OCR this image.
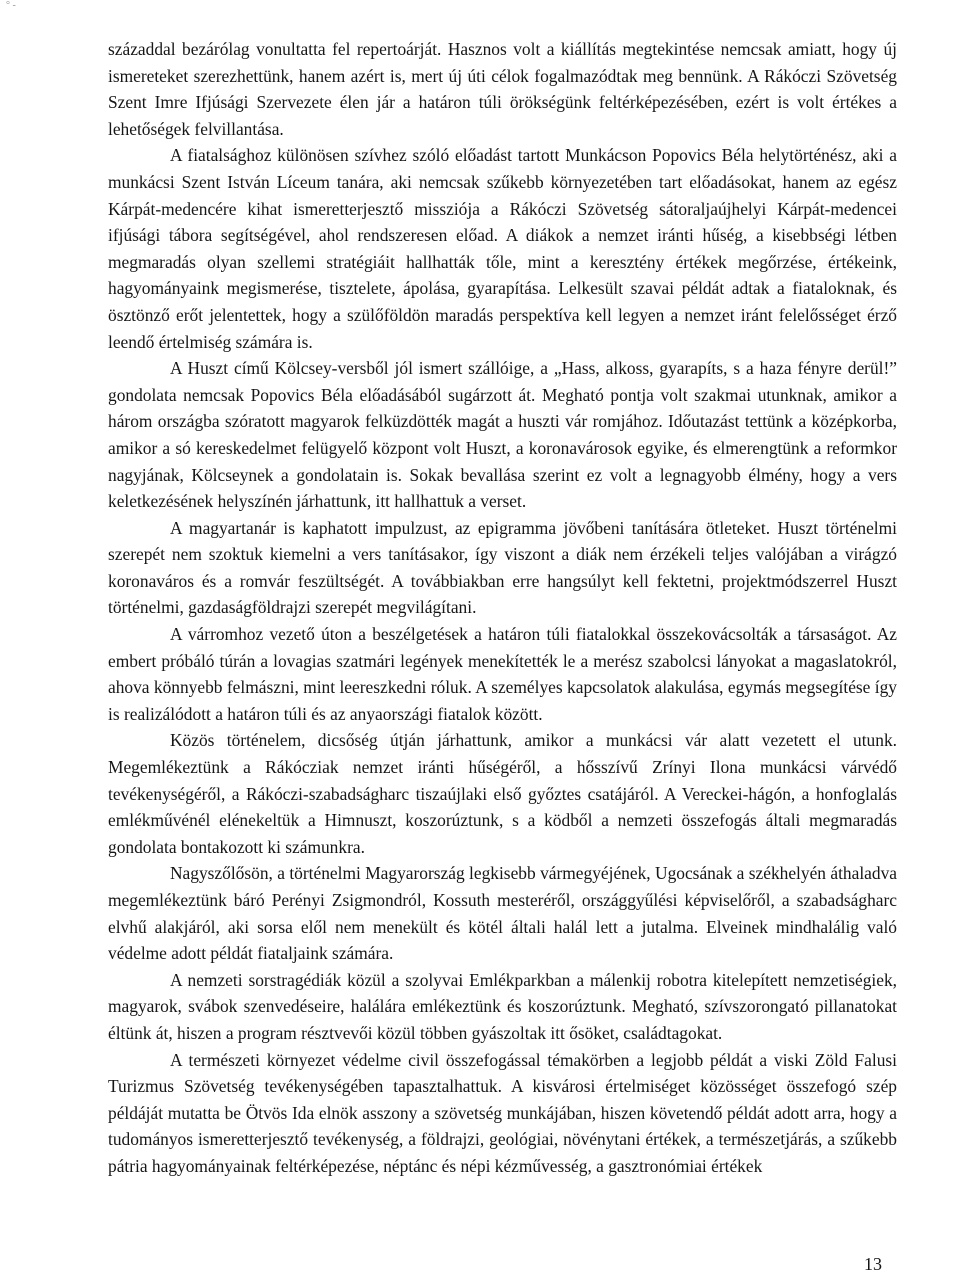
° -

századdal bezárólag vonultatta fel repertoárját. Hasznos volt a kiállítás megtekintése nemcsak amiatt, hogy új ismereteket szerezhettünk, hanem azért is, mert új úti célok fogalmazódtak meg bennünk. A Rákóczi Szövetség Szent Imre Ifjúsági Szervezete élen jár a határon túli örökségünk feltérképezésében, ezért is volt értékes a lehetőségek felvillantása.

A fiatalsághoz különösen szívhez szóló előadást tartott Munkácson Popovics Béla helytörténész, aki a munkácsi Szent István Líceum tanára, aki nemcsak szűkebb környezetében tart előadásokat, hanem az egész Kárpát-medencére kihat ismeretterjesztő missziója a Rákóczi Szövetség sátoraljaújhelyi Kárpát-medencei ifjúsági tábora segítségével, ahol rendszeresen előad. A diákok a nemzet iránti hűség, a kisebbségi létben megmaradás olyan szellemi stratégiáit hallhatták tőle, mint a keresztény értékek megőrzése, értékeink, hagyományaink megismerése, tisztelete, ápolása, gyarapítása. Lelkesült szavai példát adtak a fiataloknak, és ösztönző erőt jelentettek, hogy a szülőföldön maradás perspektíva kell legyen a nemzet iránt felelősséget érző leendő értelmiség számára is.

A Huszt című Kölcsey-versből jól ismert szállóige, a „Hass, alkoss, gyarapíts, s a haza fényre derül!” gondolata nemcsak Popovics Béla előadásából sugárzott át. Megható pontja volt szakmai utunknak, amikor a három országba szóratott magyarok felküzdötték magát a huszti vár romjához. Időutazást tettünk a középkorba, amikor a só kereskedelmet felügyelő központ volt Huszt, a koronavárosok egyike, és elmerengtünk a reformkor nagyjának, Kölcseynek a gondolatain is. Sokak bevallása szerint ez volt a legnagyobb élmény, hogy a vers keletkezésének helyszínén járhattunk, itt hallhattuk a verset.

A magyartanár is kaphatott impulzust, az epigramma jövőbeni tanítására ötleteket. Huszt történelmi szerepét nem szoktuk kiemelni a vers tanításakor, így viszont a diák nem érzékeli teljes valójában a virágzó koronaváros és a romvár feszültségét. A továbbiakban erre hangsúlyt kell fektetni, projektmódszerrel Huszt történelmi, gazdaságföldrajzi szerepét megvilágítani.

A várromhoz vezető úton a beszélgetések a határon túli fiatalokkal összekovácsolták a társaságot. Az embert próbáló túrán a lovagias szatmári legények menekítették le a merész szabolcsi lányokat a magaslatokról, ahova könnyebb felmászni, mint leereszkedni róluk. A személyes kapcsolatok alakulása, egymás megsegítése így is realizálódott a határon túli és az anyaországi fiatalok között.

Közös történelem, dicsőség útján járhattunk, amikor a munkácsi vár alatt vezetett el utunk. Megemlékeztünk a Rákócziak nemzet iránti hűségéről, a hősszívű Zrínyi Ilona munkácsi várvédő tevékenységéről, a Rákóczi-szabadságharc tiszaújlaki első győztes csatájáról. A Vereckei-hágón, a honfoglalás emlékművénél elénekeltük a Himnuszt, koszorúztunk, s a ködből a nemzeti összefogás általi megmaradás gondolata bontakozott ki számunkra.

Nagyszőlősön, a történelmi Magyarország legkisebb vármegyéjének, Ugocsának a székhelyén áthaladva megemlékeztünk báró Perényi Zsigmondról, Kossuth mesteréről, országgyűlési képviselőről, a szabadságharc elvhű alakjáról, aki sorsa elől nem menekült és kötél általi halál lett a jutalma. Elveinek mindhalálig való védelme adott példát fiataljaink számára.

A nemzeti sorstragédiák közül a szolyvai Emlékparkban a málenkij robotra kitelepített nemzetiségiek, magyarok, svábok szenvedéseire, halálára emlékeztünk és koszorúztunk. Megható, szívszorongató pillanatokat éltünk át, hiszen a program résztvevői közül többen gyászoltak itt ősöket, családtagokat.

A természeti környezet védelme civil összefogással témakörben a legjobb példát a viski Zöld Falusi Turizmus Szövetség tevékenységében tapasztalhattuk. A kisvárosi értelmiséget közösséget összefogó szép példáját mutatta be Ötvös Ida elnök asszony a szövetség munkájában, hiszen követendő példát adott arra, hogy a tudományos ismeretterjesztő tevékenység, a földrajzi, geológiai, növénytani értékek, a természetjárás, a szűkebb pátria hagyományainak feltérképezése, néptánc és népi kézművesség, a gasztronómiai értékek

13
